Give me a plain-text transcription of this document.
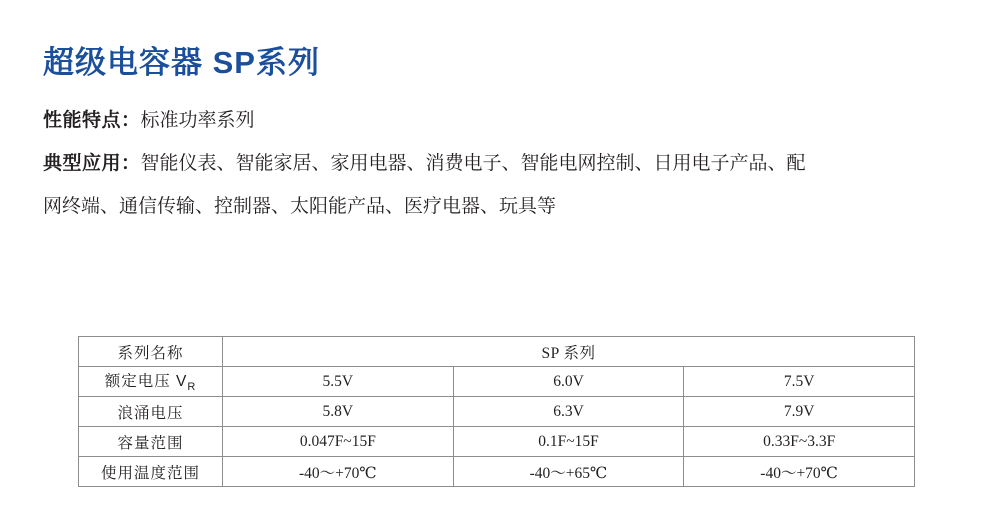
超级电容器 SP系列
性能特点：标准功率系列
典型应用：智能仪表、智能家居、家用电器、消费电子、智能电网控制、日用电子产品、配
网终端、通信传输、控制器、太阳能产品、医疗电器、玩具等
系列名称	SP 系列		
额定电压 $V_R$	5.5V	6.0V	7.5V
浪涌电压	5.8V	6.3V	7.9V
容量范围	0.047F~15F	0.1F~15F	0.33F~3.3F
使用温度范围	-40～+70℃	-40～+65℃	-40～+70℃
